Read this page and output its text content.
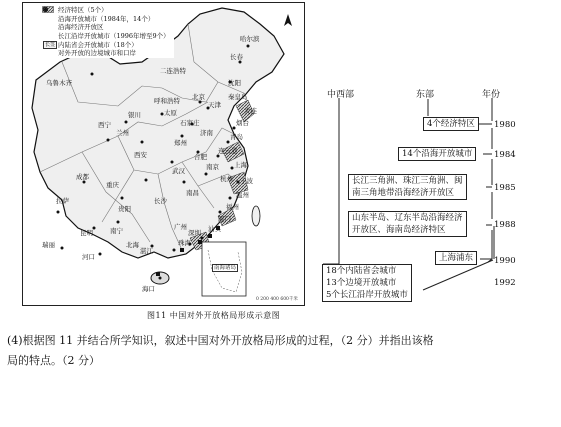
经济特区（5个）
沿海开放城市（1984年，14个）
沿海经济开放区
长江沿岸开放城市（1996年增至9个）
长签 内陆省会开放城市（18个）
对外开放的边境城市和口岸
哈尔滨
长春
乌鲁木齐
二连浩特
呼和浩特
沈阳
北京
天津
大连
石家庄
秦皇岛
太原
银川
兰州
西宁
郑州
烟台
青岛
连云港
济南
南京 上海
杭州 宁波
温州
福州
厦门
汕头
深圳
珠海
广州
湛江
北海
海口
南宁
贵阳
昆明
成都
重庆
武汉
长沙
南昌
合肥
西安
拉萨
河口
瑞丽
南海诸岛
0 200 400 600千米
图11 中国对外开放格局形成示意图
中西部	东部	年份
4个经济特区	1980
14个沿海开放城市	1984
长江三角洲、珠江三角洲、闽
南三角地带沿海经济开放区	1985
山东半岛、辽东半岛沿海经济
开放区、海南岛经济特区	1988
上海浦东	1990
18个内陆省会城市
13个边境开放城市
5个长江沿岸开放城市
1992
(4)根据图 11 并结合所学知识，叙述中国对外开放格局形成的过程，（2 分）并指出该格
局的特点。（2 分）
